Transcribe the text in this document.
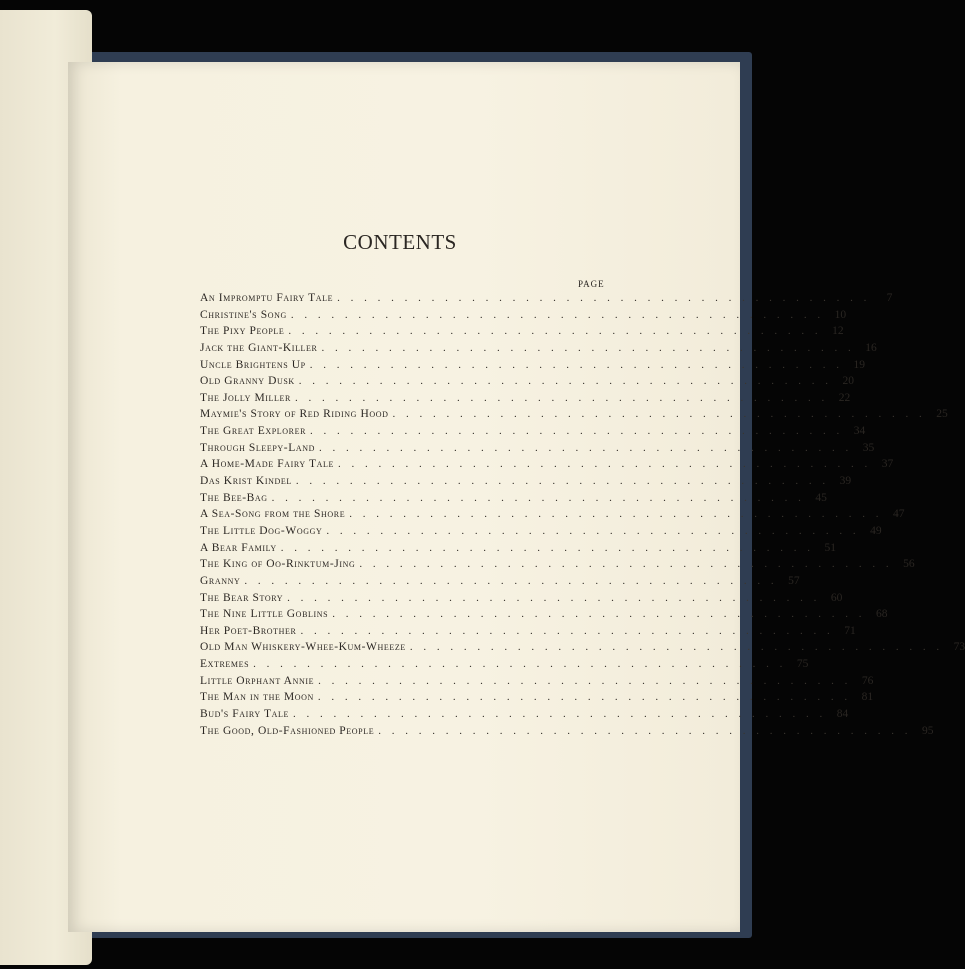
CONTENTS
PAGE
An Impromptu Fairy Tale . . . . . . . . . . . . . . . . . . . . . . . . . . . . . . . . . . . . . . . .	7
Christine's Song . . . . . . . . . . . . . . . . . . . . . . . . . . . . . . . . . . . . . . . . 10
The Pixy People . . . . . . . . . . . . . . . . . . . . . . . . . . . . . . . . . . . . . . . . 12
Jack the Giant-Killer . . . . . . . . . . . . . . . . . . . . . . . . . . . . . . . . . . . . . . . . 16
Uncle Brightens Up . . . . . . . . . . . . . . . . . . . . . . . . . . . . . . . . . . . . . . . . 19
Old Granny Dusk . . . . . . . . . . . . . . . . . . . . . . . . . . . . . . . . . . . . . . . . 20
The Jolly Miller . . . . . . . . . . . . . . . . . . . . . . . . . . . . . . . . . . . . . . . . 22
Maymie's Story of Red Riding Hood . . . . . . . . . . . . . . . . . . . . . . . . . . . . . . . . . . . . . . . . 25
The Great Explorer . . . . . . . . . . . . . . . . . . . . . . . . . . . . . . . . . . . . . . . . 34
Through Sleepy-Land . . . . . . . . . . . . . . . . . . . . . . . . . . . . . . . . . . . . . . . . 35
A Home-Made Fairy Tale . . . . . . . . . . . . . . . . . . . . . . . . . . . . . . . . . . . . . . . . 37
Das Krist Kindel . . . . . . . . . . . . . . . . . . . . . . . . . . . . . . . . . . . . . . . . 39
The Bee-Bag . . . . . . . . . . . . . . . . . . . . . . . . . . . . . . . . . . . . . . . . 45
A Sea-Song from the Shore . . . . . . . . . . . . . . . . . . . . . . . . . . . . . . . . . . . . . . . . 47
The Little Dog-Woggy . . . . . . . . . . . . . . . . . . . . . . . . . . . . . . . . . . . . . . . . 49
A Bear Family . . . . . . . . . . . . . . . . . . . . . . . . . . . . . . . . . . . . . . . . 51
The King of Oo-Rinktum-Jing . . . . . . . . . . . . . . . . . . . . . . . . . . . . . . . . . . . . . . . . 56
Granny . . . . . . . . . . . . . . . . . . . . . . . . . . . . . . . . . . . . . . . . 57
The Bear Story . . . . . . . . . . . . . . . . . . . . . . . . . . . . . . . . . . . . . . . . 60
The Nine Little Goblins . . . . . . . . . . . . . . . . . . . . . . . . . . . . . . . . . . . . . . . . 68
Her Poet-Brother . . . . . . . . . . . . . . . . . . . . . . . . . . . . . . . . . . . . . . . . 71
Old Man Whiskery-Whee-Kum-Wheeze . . . . . . . . . . . . . . . . . . . . . . . . . . . . . . . . . . . . . . . . 73
Extremes . . . . . . . . . . . . . . . . . . . . . . . . . . . . . . . . . . . . . . . . 75
Little Orphant Annie . . . . . . . . . . . . . . . . . . . . . . . . . . . . . . . . . . . . . . . . 76
The Man in the Moon . . . . . . . . . . . . . . . . . . . . . . . . . . . . . . . . . . . . . . . . 81
Bud's Fairy Tale . . . . . . . . . . . . . . . . . . . . . . . . . . . . . . . . . . . . . . . . 84
The Good, Old-Fashioned People . . . . . . . . . . . . . . . . . . . . . . . . . . . . . . . . . . . . . . . . 95
